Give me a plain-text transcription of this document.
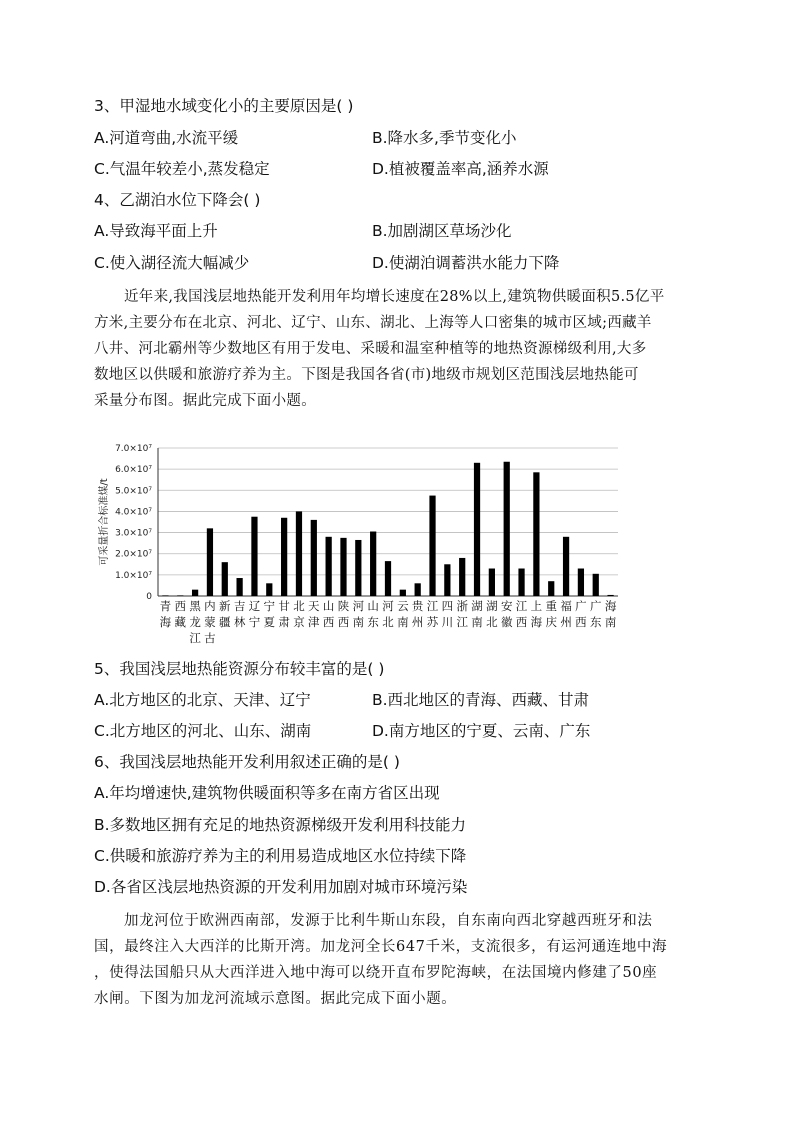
3、甲湿地水域变化小的主要原因是( )
A.河道弯曲,水流平缓	B.降水多,季节变化小
C.气温年较差小,蒸发稳定	D.植被覆盖率高,涵养水源
4、乙湖泊水位下降会( )
A.导致海平面上升	B.加剧湖区草场沙化
C.使入湖径流大幅减少	D.使湖泊调蓄洪水能力下降
近年来,我国浅层地热能开发利用年均增长速度在28%以上,建筑物供暖面积5.5亿平
方米,主要分布在北京、河北、辽宁、山东、湖北、上海等人口密集的城市区域;西藏羊
八井、河北霸州等少数地区有用于发电、采暖和温室种植等的地热资源梯级利用,大多
数地区以供暖和旅游疗养为主。下图是我国各省(市)地级市规划区范围浅层地热能可
采量分布图。据此完成下面小题。
0
1.0×10⁷
2.0×10⁷
3.0×10⁷
4.0×10⁷
5.0×10⁷
6.0×10⁷
7.0×10⁷
可采量折合标准煤/t
青
海
西
藏
黑
龙
江
内
蒙
古
新
疆
吉
林
辽
宁
宁
夏
甘
肃
北
京
天
津
山
西
陕
西
河
南
山
东
河
北
云
南
贵
州
江
苏
四
川
浙
江
湖
南
湖
北
安
徽
江
西
上
海
重
庆
福
州
广
西
广
东
海
南
5、我国浅层地热能资源分布较丰富的是( )
A.北方地区的北京、天津、辽宁	B.西北地区的青海、西藏、甘肃
C.北方地区的河北、山东、湖南	D.南方地区的宁夏、云南、广东
6、我国浅层地热能开发利用叙述正确的是( )
A.年均增速快,建筑物供暖面积等多在南方省区出现
B.多数地区拥有充足的地热资源梯级开发利用科技能力
C.供暖和旅游疗养为主的利用易造成地区水位持续下降
D.各省区浅层地热资源的开发利用加剧对城市环境污染
加龙河位于欧洲西南部，发源于比利牛斯山东段，自东南向西北穿越西班牙和法
国，最终注入大西洋的比斯开湾。加龙河全长647千米，支流很多，有运河通连地中海
，使得法国船只从大西洋进入地中海可以绕开直布罗陀海峡，在法国境内修建了50座
水闸。下图为加龙河流域示意图。据此完成下面小题。
